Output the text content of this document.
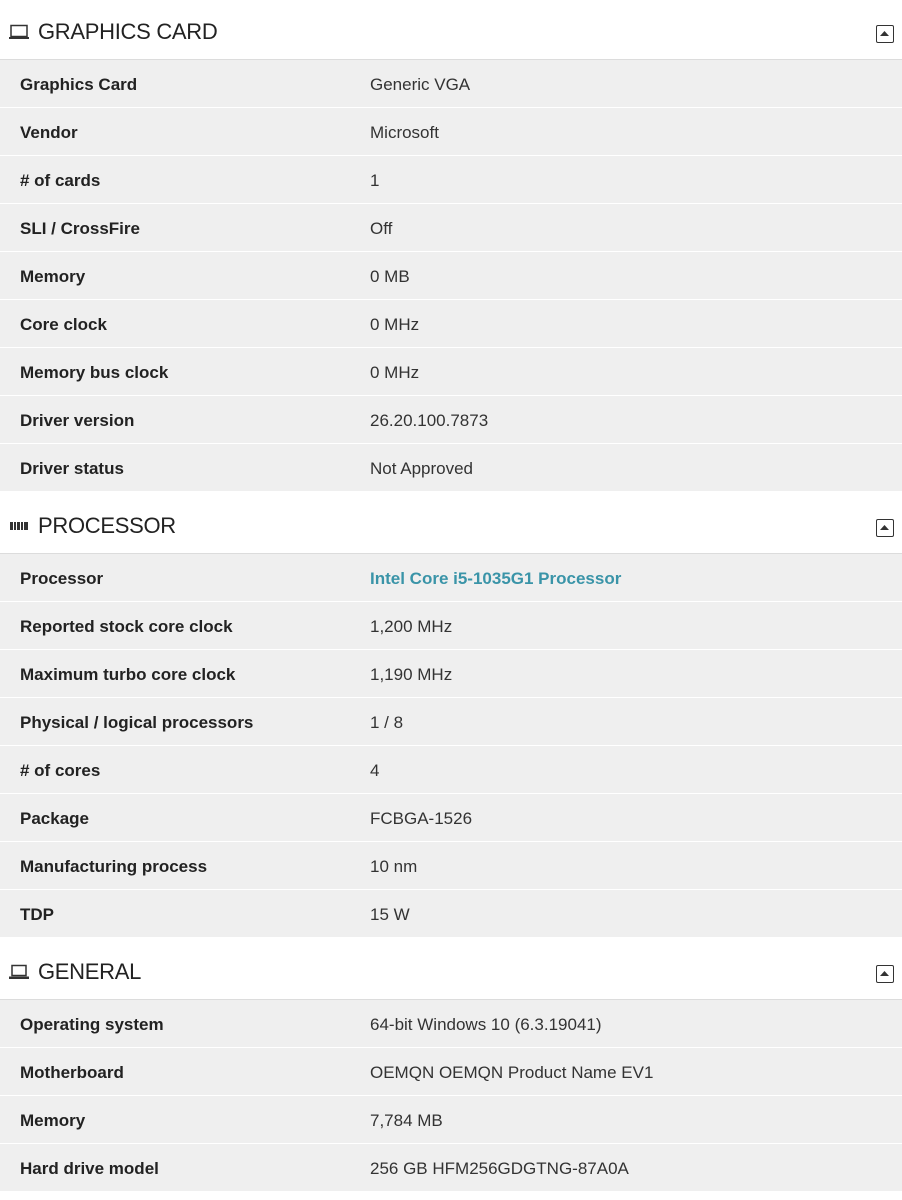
GRAPHICS CARD
Graphics Card	Generic VGA
Vendor	Microsoft
# of cards	1
SLI / CrossFire	Off
Memory	0 MB
Core clock	0 MHz
Memory bus clock	0 MHz
Driver version	26.20.100.7873
Driver status	Not Approved
PROCESSOR
Processor	Intel Core i5-1035G1 Processor
Reported stock core clock	1,200 MHz
Maximum turbo core clock	1,190 MHz
Physical / logical processors	1 / 8
# of cores	4
Package	FCBGA-1526
Manufacturing process	10 nm
TDP	15 W
GENERAL
Operating system	64-bit Windows 10 (6.3.19041)
Motherboard	OEMQN OEMQN Product Name EV1
Memory	7,784 MB
Hard drive model	256 GB HFM256GDGTNG-87A0A
